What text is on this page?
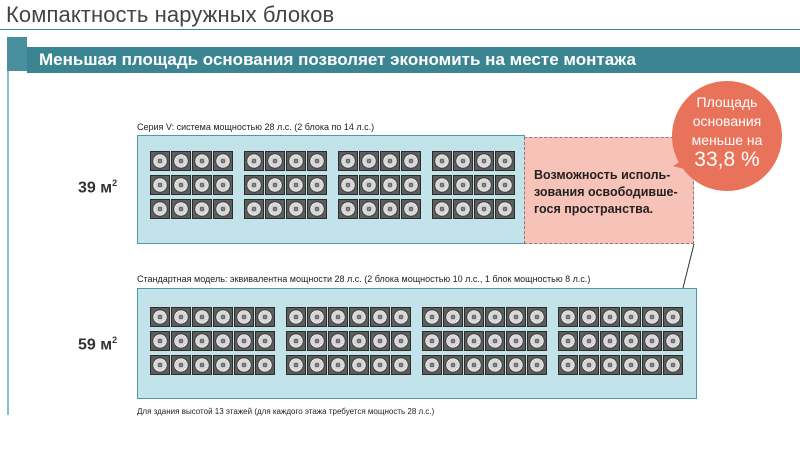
Компактность наружных блоков
Меньшая площадь основания позволяет экономить на месте монтажа
Серия V: система мощностью 28 л.с. (2 блока по 14 л.с.)
39 $м^2$

Возможность исполь-зования освободивше-гося пространства.

Площадь основания меньше на

33,8 %

Стандартная модель: эквивалентна мощности 28 л.с. (2 блока мощностью 10 л.с., 1 блок мощностью 8 л.с.)
59 $м^2$
Для здания высотой 13 этажей (для каждого этажа требуется мощность 28 л.с.)
